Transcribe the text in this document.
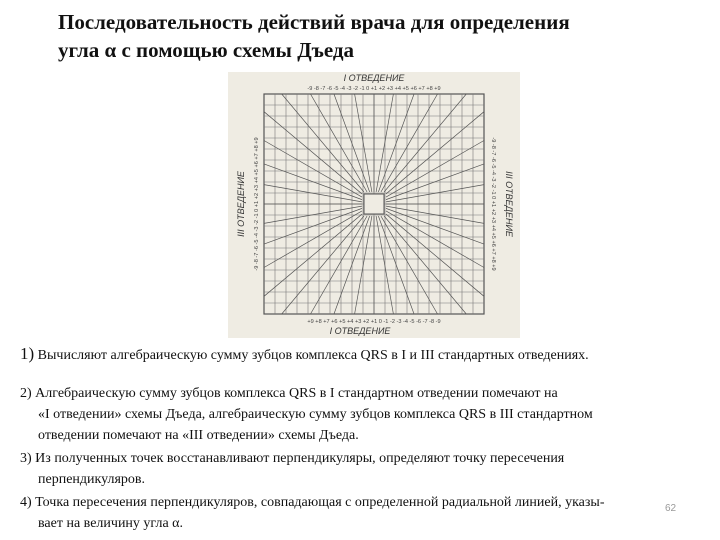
Последовательность действий врача для определения
угла α с помощью схемы Дъеда
I ОТВЕДЕНИЕ
-9 -8 -7 -6 -5 -4 -3 -2 -1 0 +1 +2 +3 +4 +5 +6 +7 +8 +9
+9 +8 +7 +6 +5 +4 +3 +2 +1 0 -1 -2 -3 -4 -5 -6 -7 -8 -9
I ОТВЕДЕНИЕ
III ОТВЕДЕНИЕ	III ОТВЕДЕНИЕ
-9 -8 -7 -6 -5 -4 -3 -2 -1 0 +1 +2 +3 +4 +5 +6 +7 +8 +9	-9 -8 -7 -6 -5 -4 -3 -2 -1 0 +1 +2 +3 +4 +5 +6 +7 +8 +9
1) Вычисляют алгебраическую сумму зубцов комплекса QRS в I и III стандартных отведениях.
2) Алгебраическую сумму зубцов комплекса QRS в I стандартном отведении помечают на
«I отведении» схемы Дъеда, алгебраическую сумму зубцов комплекса QRS в III стандартном
отведении помечают на «III отведении» схемы Дъеда.
3) Из полученных точек восстанавливают перпендикуляры, определяют точку пересечения
перпендикуляров.
4) Точка пересечения перпендикуляров, совпадающая с определенной радиальной линией, указы-
вает на величину угла α.
62
